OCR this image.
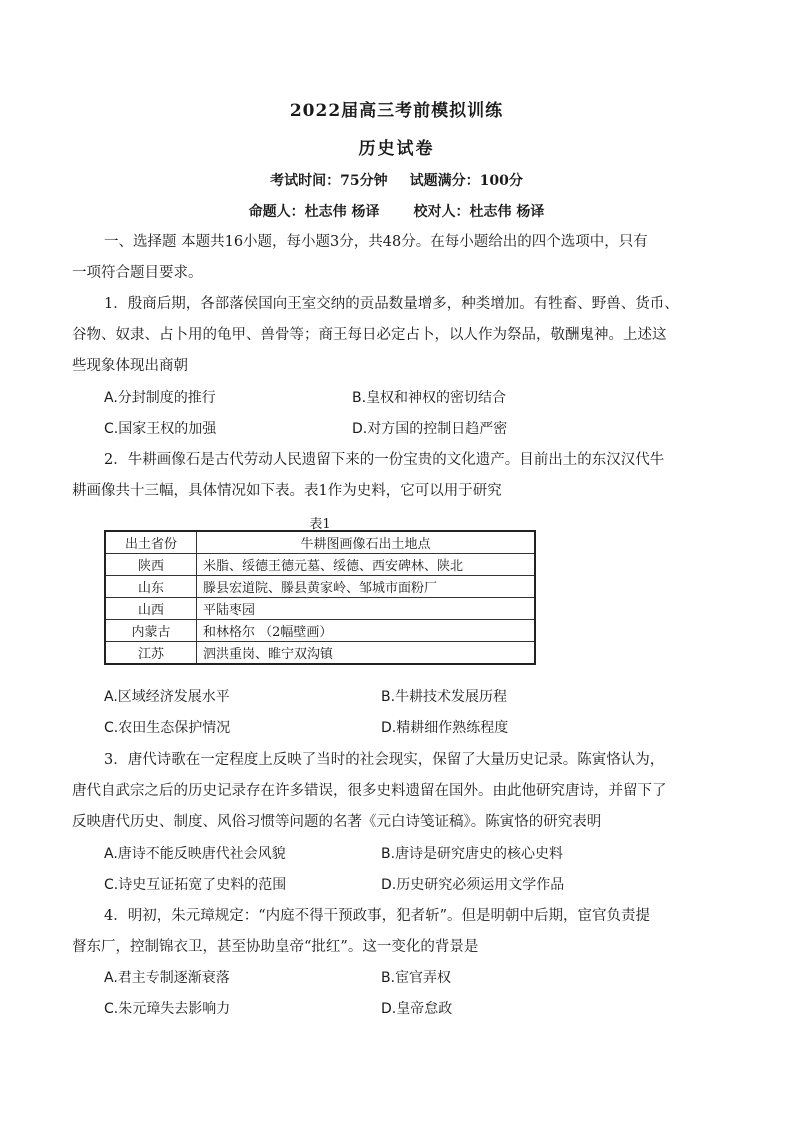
2022届高三考前模拟训练
历史试卷
考试时间：75分钟 试题满分：100分
命题人：杜志伟 杨译 校对人：杜志伟 杨译
一、选择题 本题共16小题，每小题3分，共48分。在每小题给出的四个选项中，只有
一项符合题目要求。
1．殷商后期，各部落侯国向王室交纳的贡品数量增多，种类增加。有牲畜、野兽、货币、
谷物、奴隶、占卜用的龟甲、兽骨等；商王每日必定占卜，以人作为祭品，敬酬鬼神。上述这
些现象体现出商朝
A.分封制度的推行	B.皇权和神权的密切结合
C.国家王权的加强	D.对方国的控制日趋严密
2．牛耕画像石是古代劳动人民遗留下来的一份宝贵的文化遗产。目前出土的东汉汉代牛
耕画像共十三幅，具体情况如下表。表1作为史料，它可以用于研究
表1
出土省份	牛耕图画像石出土地点
陕西	米脂、绥德王德元墓、绥德、西安碑林、陕北
山东	滕县宏道院、滕县黄家岭、邹城市面粉厂
山西	平陆枣园
内蒙古	和林格尔 （2幅壁画）
江苏	泗洪重岗、睢宁双沟镇
A.区域经济发展水平	B.牛耕技术发展历程
C.农田生态保护情况	D.精耕细作熟练程度
3．唐代诗歌在一定程度上反映了当时的社会现实，保留了大量历史记录。陈寅恪认为，
唐代自武宗之后的历史记录存在许多错误，很多史料遗留在国外。由此他研究唐诗，并留下了
反映唐代历史、制度、风俗习惯等问题的名著《元白诗笺证稿》。陈寅恪的研究表明
A.唐诗不能反映唐代社会风貌	B.唐诗是研究唐史的核心史料
C.诗史互证拓宽了史料的范围	D.历史研究必须运用文学作品
4．明初，朱元璋规定：“内庭不得干预政事，犯者斩”。但是明朝中后期，宦官负责提
督东厂，控制锦衣卫，甚至协助皇帝“批红”。这一变化的背景是
A.君主专制逐渐衰落	B.宦官弄权
C.朱元璋失去影响力	D.皇帝怠政
